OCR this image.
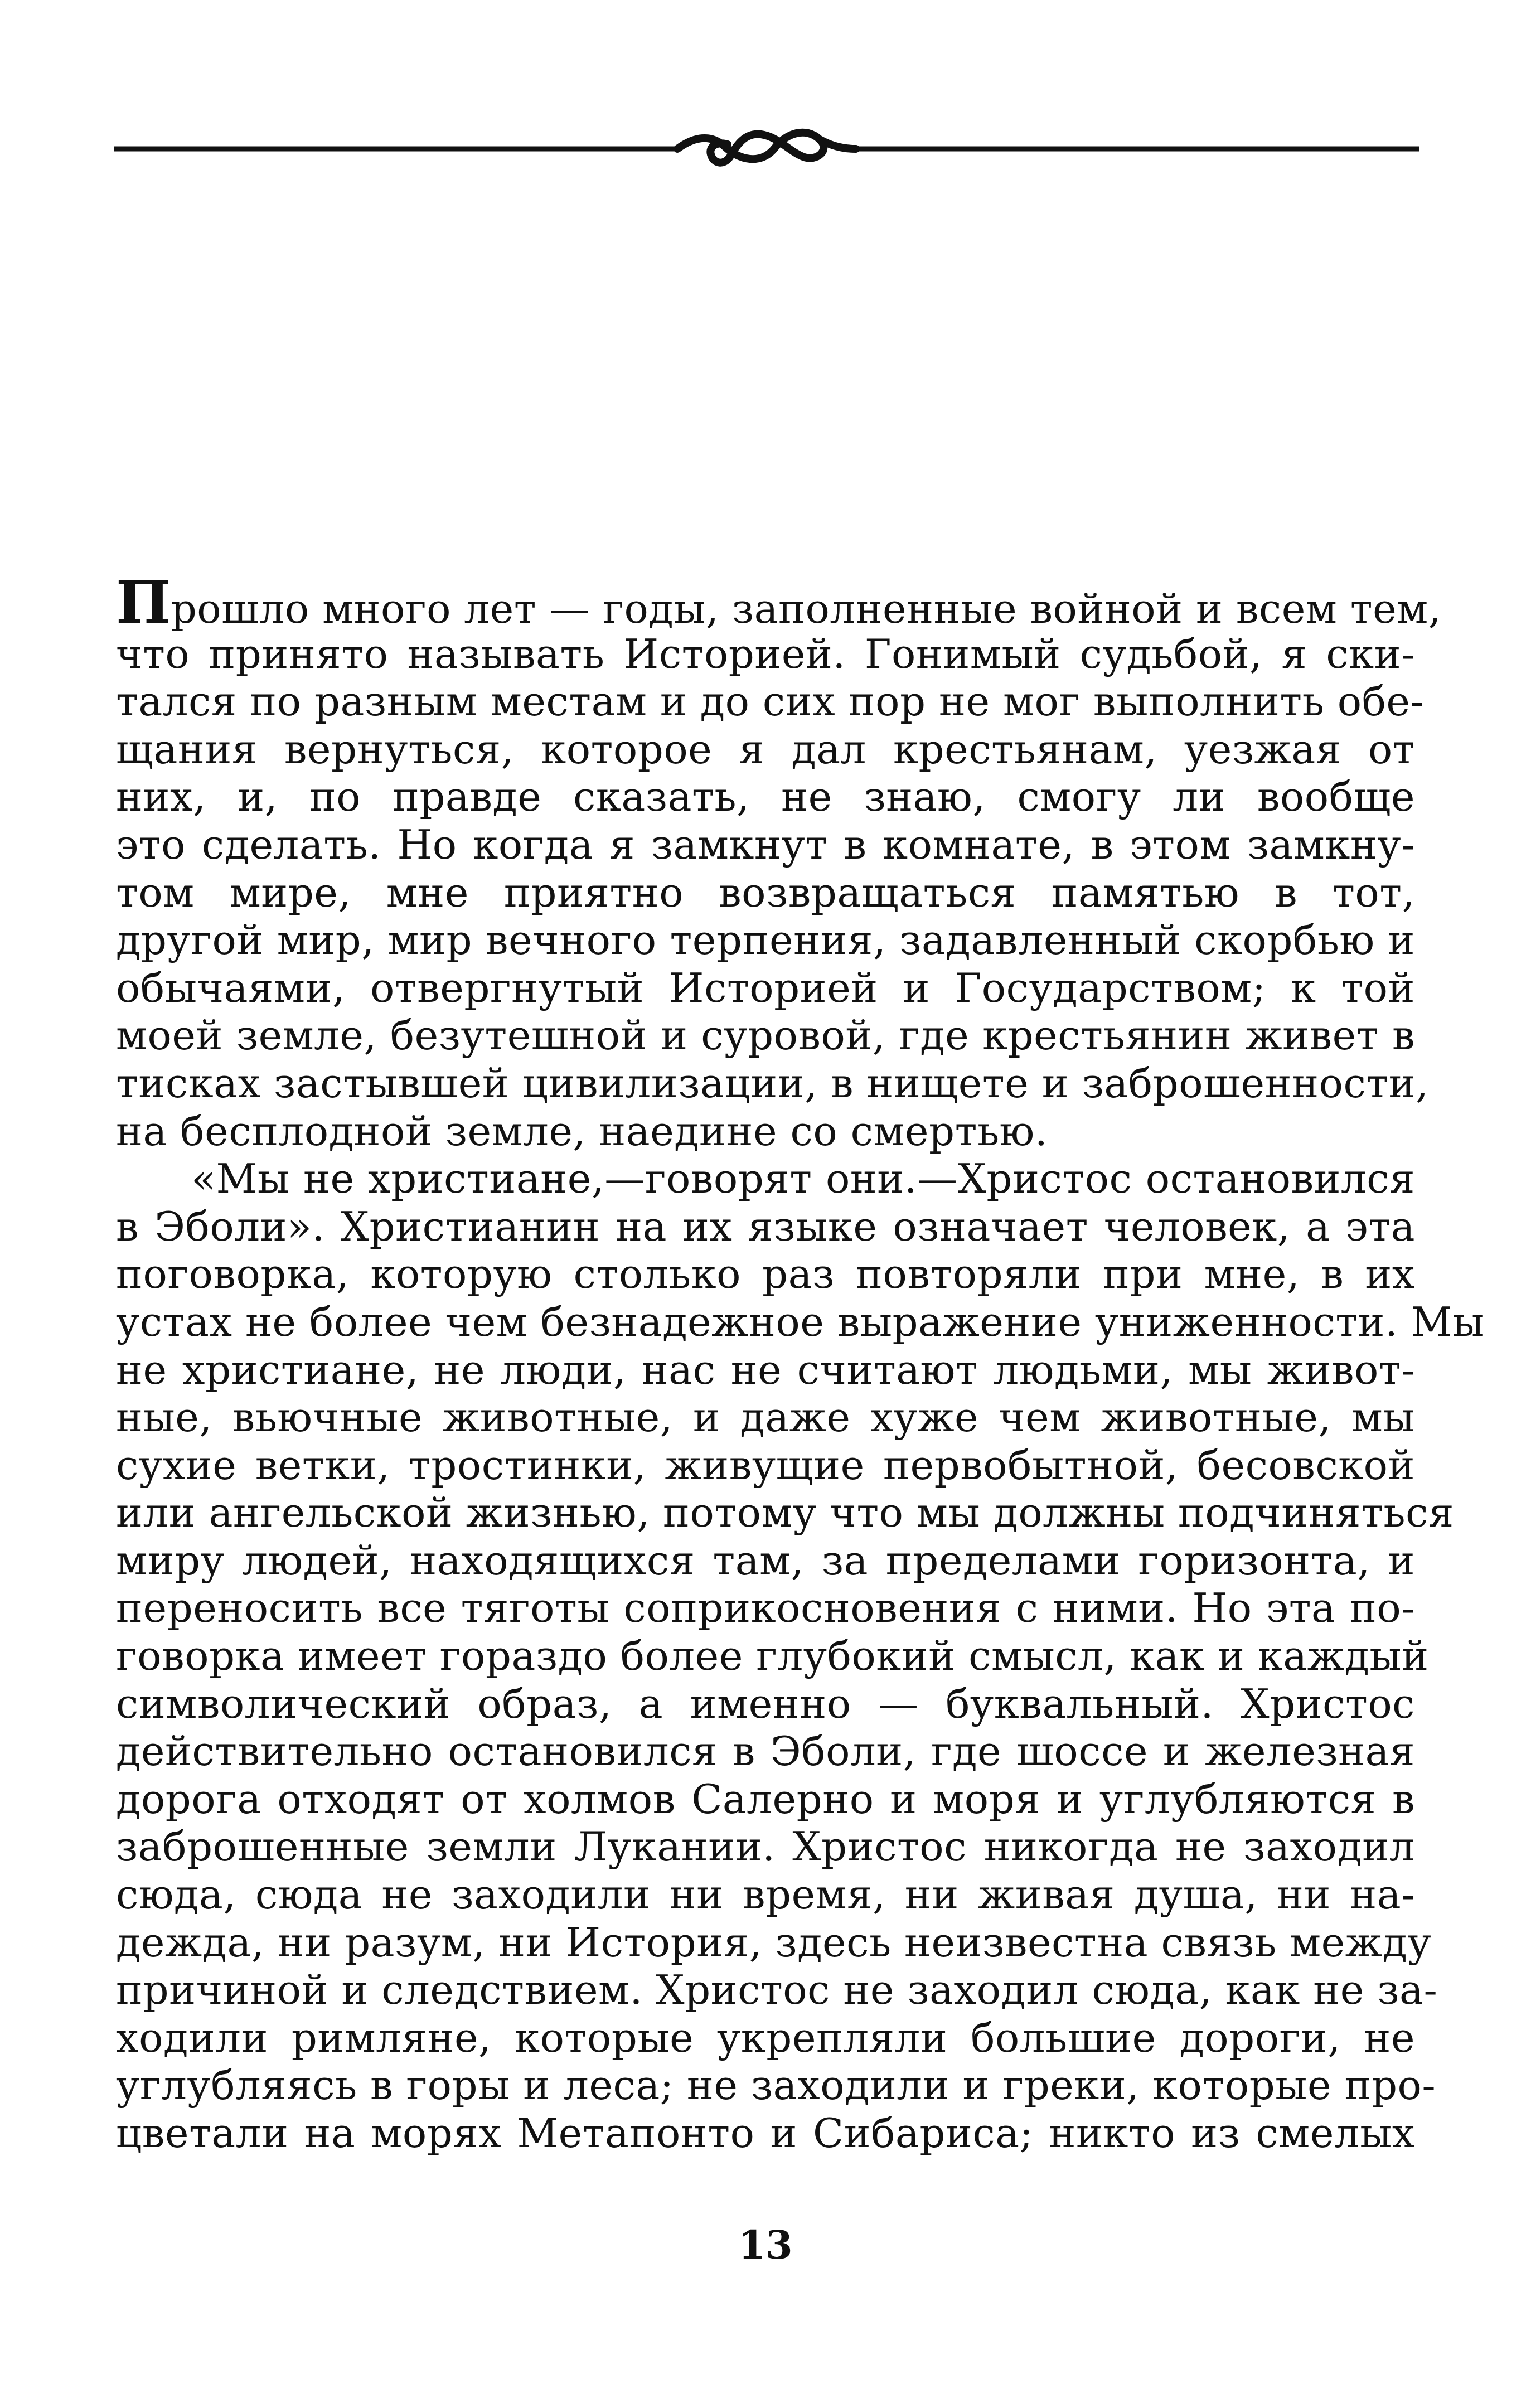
Прошло много лет — годы, заполненные войной и всем тем,
что принято называть Историей. Гонимый судьбой, я ски-
тался по разным местам и до сих пор не мог выполнить обе-
щания вернуться, которое я дал крестьянам, уезжая от
них, и, по правде сказать, не знаю, смогу ли вообще
это сделать. Но когда я замкнут в комнате, в этом замкну-
том мире, мне приятно возвращаться памятью в тот,
другой мир, мир вечного терпения, задавленный скорбью и
обычаями, отвергнутый Историей и Государством; к той
моей земле, безутешной и суровой, где крестьянин живет в
тисках застывшей цивилизации, в нищете и заброшенности,
на бесплодной земле, наедине со смертью.
«Мы не христиане,—говорят они.—Христос остановился
в Эболи». Христианин на их языке означает человек, а эта
поговорка, которую столько раз повторяли при мне, в их
устах не более чем безнадежное выражение униженности. Мы
не христиане, не люди, нас не считают людьми, мы живот-
ные, вьючные животные, и даже хуже чем животные, мы
сухие ветки, тростинки, живущие первобытной, бесовской
или ангельской жизнью, потому что мы должны подчиняться
миру людей, находящихся там, за пределами горизонта, и
переносить все тяготы соприкосновения с ними. Но эта по-
говорка имеет гораздо более глубокий смысл, как и каждый
символический образ, а именно — буквальный. Христос
действительно остановился в Эболи, где шоссе и железная
дорога отходят от холмов Салерно и моря и углубляются в
заброшенные земли Лукании. Христос никогда не заходил
сюда, сюда не заходили ни время, ни живая душа, ни на-
дежда, ни разум, ни История, здесь неизвестна связь между
причиной и следствием. Христос не заходил сюда, как не за-
ходили римляне, которые укрепляли большие дороги, не
углубляясь в горы и леса; не заходили и греки, которые про-
цветали на морях Метапонто и Сибариса; никто из смелых
13
